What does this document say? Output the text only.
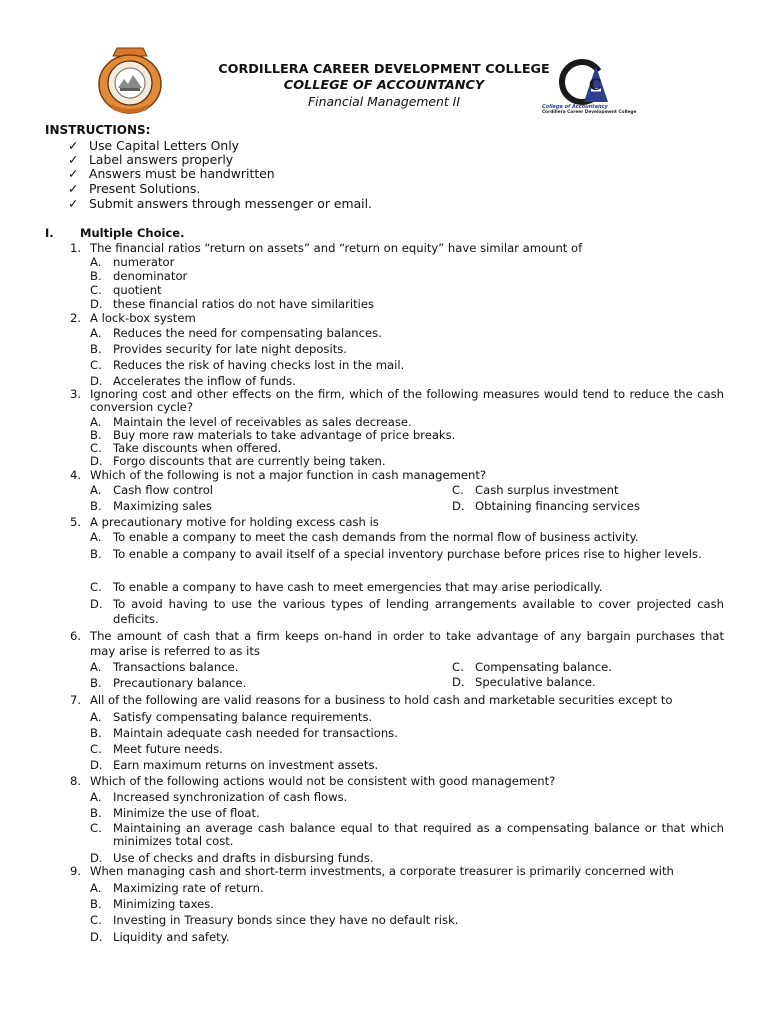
CORDILLERA CAREER DEVELOPMENT COLLEGE
COLLEGE OF ACCOUNTANCY
Financial Management II
C
College of Accountancy
Cordillera Career Development College
INSTRUCTIONS:
✓ Use Capital Letters Only
✓ Label answers properly
✓ Answers must be handwritten
✓ Present Solutions.
✓ Submit answers through messenger or email.
I. Multiple Choice.
1. The financial ratios “return on assets” and “return on equity” have similar amount of
A. numerator
B. denominator
C. quotient
D. these financial ratios do not have similarities
2. A lock-box system
A. Reduces the need for compensating balances.
B. Provides security for late night deposits.
C. Reduces the risk of having checks lost in the mail.
D. Accelerates the inflow of funds.
3. Ignoring cost and other effects on the firm, which of the following measures would tend to reduce the cash conversion cycle?
A. Maintain the level of receivables as sales decrease.
B. Buy more raw materials to take advantage of price breaks.
C. Take discounts when offered.
D. Forgo discounts that are currently being taken.
4. Which of the following is not a major function in cash management?
A. Cash flow control
B. Maximizing sales
C. Cash surplus investment
D. Obtaining financing services
5. A precautionary motive for holding excess cash is
A. To enable a company to meet the cash demands from the normal flow of business activity.
B. To enable a company to avail itself of a special inventory purchase before prices rise to higher levels.
C. To enable a company to have cash to meet emergencies that may arise periodically.
D. To avoid having to use the various types of lending arrangements available to cover projected cash deficits.
6. The amount of cash that a firm keeps on-hand in order to take advantage of any bargain purchases that may arise is referred to as its
A. Transactions balance.
B. Precautionary balance.
C. Compensating balance.
D. Speculative balance.
7. All of the following are valid reasons for a business to hold cash and marketable securities except to
A. Satisfy compensating balance requirements.
B. Maintain adequate cash needed for transactions.
C. Meet future needs.
D. Earn maximum returns on investment assets.
8. Which of the following actions would not be consistent with good management?
A. Increased synchronization of cash flows.
B. Minimize the use of float.
C. Maintaining an average cash balance equal to that required as a compensating balance or that which minimizes total cost.
D. Use of checks and drafts in disbursing funds.
9. When managing cash and short-term investments, a corporate treasurer is primarily concerned with
A. Maximizing rate of return.
B. Minimizing taxes.
C. Investing in Treasury bonds since they have no default risk.
D. Liquidity and safety.
